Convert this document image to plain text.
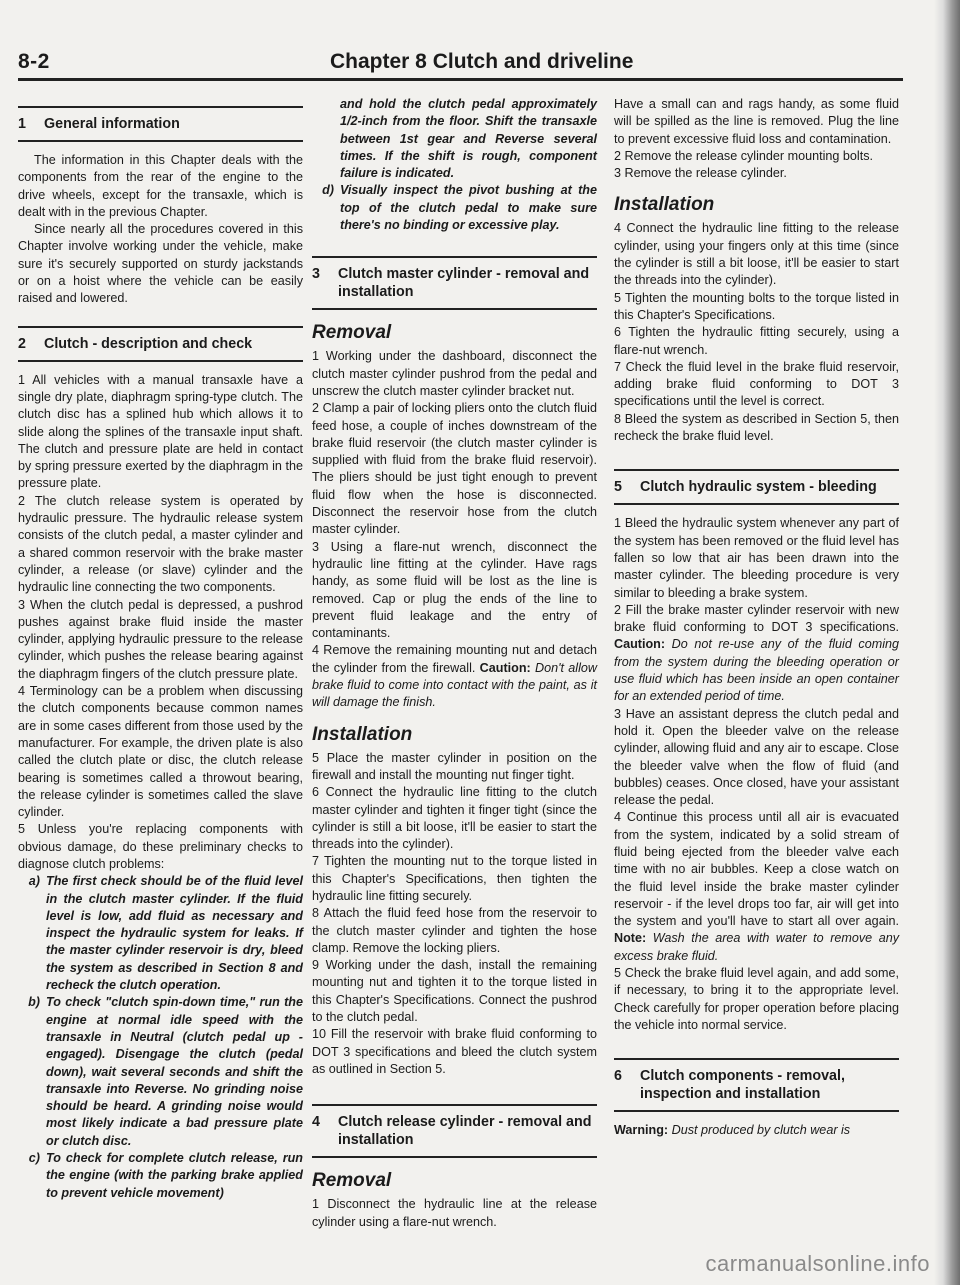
8-2	Chapter 8 Clutch and driveline
1	General information

The information in this Chapter deals with the components from the rear of the engine to the drive wheels, except for the transaxle, which is dealt with in the previous Chapter.

Since nearly all the procedures covered in this Chapter involve working under the vehicle, make sure it's securely supported on sturdy jackstands or on a hoist where the vehicle can be easily raised and lowered.

2	Clutch - description and check

1 All vehicles with a manual transaxle have a single dry plate, diaphragm spring-type clutch. The clutch disc has a splined hub which allows it to slide along the splines of the transaxle input shaft. The clutch and pressure plate are held in contact by spring pressure exerted by the diaphragm in the pressure plate.

2 The clutch release system is operated by hydraulic pressure. The hydraulic release system consists of the clutch pedal, a master cylinder and a shared common reservoir with the brake master cylinder, a release (or slave) cylinder and the hydraulic line connecting the two components.

3 When the clutch pedal is depressed, a pushrod pushes against brake fluid inside the master cylinder, applying hydraulic pressure to the release cylinder, which pushes the release bearing against the diaphragm fingers of the clutch pressure plate.

4 Terminology can be a problem when discussing the clutch components because common names are in some cases different from those used by the manufacturer. For example, the driven plate is also called the clutch plate or disc, the clutch release bearing is sometimes called a throwout bearing, the release cylinder is sometimes called the slave cylinder.

5 Unless you're replacing components with obvious damage, do these preliminary checks to diagnose clutch problems:

a) The first check should be of the fluid level in the clutch master cylinder. If the fluid level is low, add fluid as necessary and inspect the hydraulic system for leaks. If the master cylinder reservoir is dry, bleed the system as described in Section 8 and recheck the clutch operation.
b) To check "clutch spin-down time," run the engine at normal idle speed with the transaxle in Neutral (clutch pedal up - engaged). Disengage the clutch (pedal down), wait several seconds and shift the transaxle into Reverse. No grinding noise should be heard. A grinding noise would most likely indicate a bad pressure plate or clutch disc.
c) To check for complete clutch release, run the engine (with the parking brake applied to prevent vehicle movement)
and hold the clutch pedal approximately 1/2-inch from the floor. Shift the transaxle between 1st gear and Reverse several times. If the shift is rough, component failure is indicated.
d) Visually inspect the pivot bushing at the top of the clutch pedal to make sure there's no binding or excessive play.
3	Clutch master cylinder - removal and installation
Removal

1 Working under the dashboard, disconnect the clutch master cylinder pushrod from the pedal and unscrew the clutch master cylinder bracket nut.

2 Clamp a pair of locking pliers onto the clutch fluid feed hose, a couple of inches downstream of the brake fluid reservoir (the clutch master cylinder is supplied with fluid from the brake fluid reservoir). The pliers should be just tight enough to prevent fluid flow when the hose is disconnected. Disconnect the reservoir hose from the clutch master cylinder.

3 Using a flare-nut wrench, disconnect the hydraulic line fitting at the cylinder. Have rags handy, as some fluid will be lost as the line is removed. Cap or plug the ends of the line to prevent fluid leakage and the entry of contaminants.

4 Remove the remaining mounting nut and detach the cylinder from the firewall. Caution: Don't allow brake fluid to come into contact with the paint, as it will damage the finish.

Installation

5 Place the master cylinder in position on the firewall and install the mounting nut finger tight.

6 Connect the hydraulic line fitting to the clutch master cylinder and tighten it finger tight (since the cylinder is still a bit loose, it'll be easier to start the threads into the cylinder).

7 Tighten the mounting nut to the torque listed in this Chapter's Specifications, then tighten the hydraulic line fitting securely.

8 Attach the fluid feed hose from the reservoir to the clutch master cylinder and tighten the hose clamp. Remove the locking pliers.

9 Working under the dash, install the remaining mounting nut and tighten it to the torque listed in this Chapter's Specifications. Connect the pushrod to the clutch pedal.

10 Fill the reservoir with brake fluid conforming to DOT 3 specifications and bleed the clutch system as outlined in Section 5.

4	Clutch release cylinder - removal and installation
Removal

1 Disconnect the hydraulic line at the release cylinder using a flare-nut wrench.

Have a small can and rags handy, as some fluid will be spilled as the line is removed. Plug the line to prevent excessive fluid loss and contamination.

2 Remove the release cylinder mounting bolts.

3 Remove the release cylinder.

Installation

4 Connect the hydraulic line fitting to the release cylinder, using your fingers only at this time (since the cylinder is still a bit loose, it'll be easier to start the threads into the cylinder).

5 Tighten the mounting bolts to the torque listed in this Chapter's Specifications.

6 Tighten the hydraulic fitting securely, using a flare-nut wrench.

7 Check the fluid level in the brake fluid reservoir, adding brake fluid conforming to DOT 3 specifications until the level is correct.

8 Bleed the system as described in Section 5, then recheck the brake fluid level.

5	Clutch hydraulic system - bleeding

1 Bleed the hydraulic system whenever any part of the system has been removed or the fluid level has fallen so low that air has been drawn into the master cylinder. The bleeding procedure is very similar to bleeding a brake system.

2 Fill the brake master cylinder reservoir with new brake fluid conforming to DOT 3 specifications. Caution: Do not re-use any of the fluid coming from the system during the bleeding operation or use fluid which has been inside an open container for an extended period of time.

3 Have an assistant depress the clutch pedal and hold it. Open the bleeder valve on the release cylinder, allowing fluid and any air to escape. Close the bleeder valve when the flow of fluid (and bubbles) ceases. Once closed, have your assistant release the pedal.

4 Continue this process until all air is evacuated from the system, indicated by a solid stream of fluid being ejected from the bleeder valve each time with no air bubbles. Keep a close watch on the fluid level inside the brake master cylinder reservoir - if the level drops too far, air will get into the system and you'll have to start all over again. Note: Wash the area with water to remove any excess brake fluid.

5 Check the brake fluid level again, and add some, if necessary, to bring it to the appropriate level. Check carefully for proper operation before placing the vehicle into normal service.

6	Clutch components - removal, inspection and installation

Warning: Dust produced by clutch wear is

carmanualsonline.info
